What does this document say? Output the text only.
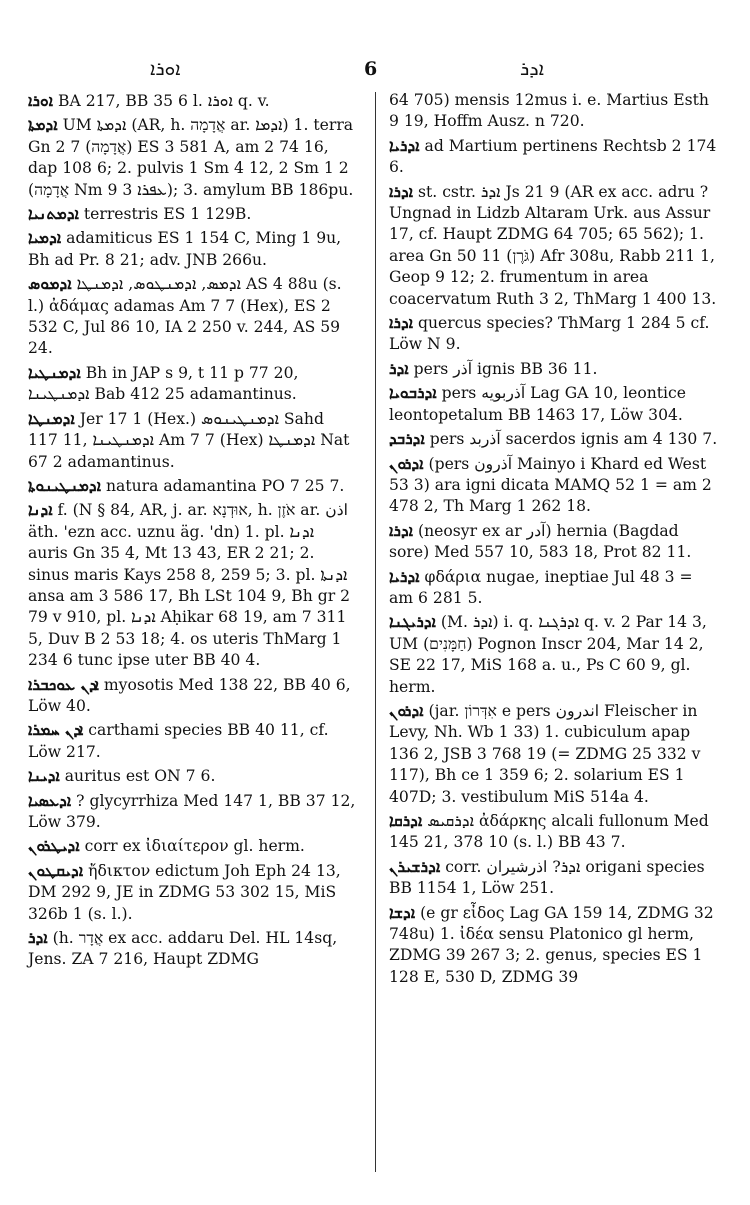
ܐܘܪܐ	6	ܐܕܪ

ܐܘܪܐ BA 217, BB 35 6 l. ܐܘܪܐ q. v.

ܐܕܡܬܐ UM ܐܕܡܬܐ (AR, h. אֲדָמָה ar. ܐܕܡܐ) 1. terra Gn 2 7 (אֲדָמָה) ES 3 581 A, am 2 74 16, dap 108 6; 2. pulvis 1 Sm 4 12, 2 Sm 1 2 (אֲדָמָה Nm 9 3 ܥܦܪܐ); 3. amylum BB 186pu.

ܐܕܡܬܢܝܐ terrestris ES 1 129B.

ܐܕܡܝܐ adamiticus ES 1 154 C, Ming 1 9u, Bh ad Pr. 8 21; adv. JNB 266u.

ܐܕܡܘܣ ܐܕܡܣ, ܐܕܡܢܛܘܣ, ܐܕܡܢܛܐ AS 4 88u (s. l.) ἀδάμας adamas Am 7 7 (Hex), ES 2 532 C, Jul 86 10, IA 2 250 v. 244, AS 59 24.

ܐܕܡܢܛܝܐ Bh in JAP s 9, t 11 p 77 20, ܐܕܡܢܛܝܢܐ Bab 412 25 adamantinus.

ܐܕܡܢܛܐ Jer 17 1 (Hex.) ܐܕܡܢܛܝܢܘܣ Sahd 117 11, ܐܕܡܢܛܝܢܐ Am 7 7 (Hex) ܐܕܡܢܛܐ Nat 67 2 adamantinus.

ܐܕܡܢܛܝܢܘܬܐ natura adamantina PO 7 25 7.

ܐܕܢܐ f. (N § 84, AR, j. ar. אוּדְנָא, h. אֹזֶן ar. اذن äth. 'ezn acc. uznu äg. 'dn) 1. pl. ܐܕܢܐ auris Gn 35 4, Mt 13 43, ER 2 21; 2. sinus maris Kays 258 8, 259 5; 3. pl. ܐܕܢܬܐ ansa am 3 586 17, Bh LSt 104 9, Bh gr 2 79 v 910, pl. ܐܕܢܐ Aḥikar 68 19, am 7 311 5, Duv B 2 53 18; 4. os uteris ThMarg 1 234 6 tunc ipse uter BB 40 4.

ܐܕܢ ܥܘܟܒܪܐ myosotis Med 138 22, BB 40 6, Löw 40.

ܐܕܢ ܚܡܪܐ carthami species BB 40 11, cf. Löw 217.

ܐܕܝܢܐ auritus est ON 7 6.

ܐܕܥܣܝܐ ? glycyrrhiza Med 147 1, BB 37 12, Löw 379.

ܐܕܝܛܪܘܢ corr ex ἰδιαίτερον gl. herm.

ܐܕܝܩܛܘܢ ἤδικτον edictum Joh Eph 24 13, DM 292 9, JE in ZDMG 53 302 15, MiS 326b 1 (s. l.).

ܐܕܪ (h. אֲדָר ex acc. addaru Del. HL 14sq, Jens. ZA 7 216, Haupt ZDMG

64 705) mensis 12mus i. e. Martius Esth 9 19, Hoffm Ausz. n 720.

ܐܕܪܝܐ ad Martium pertinens Rechtsb 2 174 6.

ܐܕܪܐ st. cstr. ܐܕܪ Js 21 9 (AR ex acc. adru ? Ungnad in Lidzb Altaram Urk. aus Assur 17, cf. Haupt ZDMG 64 705; 65 562); 1. area Gn 50 11 (גֹּרֶן) Afr 308u, Rabb 211 1, Geop 9 12; 2. frumentum in area coacervatum Ruth 3 2, ThMarg 1 400 13.

ܐܕܪܐ quercus species? ThMarg 1 284 5 cf. Löw N 9.

ܐܕܪ pers آذر ignis BB 36 11.

ܐܕܪܒܘܝܐ pers آذربويه Lag GA 10, leontice leontopetalum BB 1463 17, Löw 304.

ܐܕܪܒܕ pers آذربد sacerdos ignis am 4 130 7.

ܐܕܪܘܢ (pers آذرون Mainyo i Khard ed West 53 3) ara igni dicata MAMQ 52 1 = am 2 478 2, Th Marg 1 262 18.

ܐܕܪܐ (neosyr ex ar آدر) hernia (Bagdad sore) Med 557 10, 583 18, Prot 82 11.

ܐܕܪܝܐ φδάρια nugae, ineptiae Jul 48 3 = am 6 281 5.

ܐܕܪܝܓܢܐ (M. ܐܕܪ) i. q. ܐܕܪܓܢܐ q. v. 2 Par 14 3, UM (חַמָּנִים) Pognon Inscr 204, Mar 14 2, SE 22 17, MiS 168 a. u., Ps C 60 9, gl. herm.

ܐܕܪܘܢ (jar. אִדְּרוֹן e pers اندرون Fleischer in Levy, Nh. Wb 1 33) 1. cubiculum apap 136 2, JSB 3 768 19 (= ZDMG 25 332 v 117), Bh ce 1 359 6; 2. solarium ES 1 407D; 3. vestibulum MiS 514a 4.

ܐܕܪܩܐ ܐܕܪܩܝܣ ἀδάρκης alcali fullonum Med 145 21, 378 10 (s. l.) BB 43 7.

ܐܕܪܫܝܪܢ corr. ܐܕܪ? اذرشيران origani species BB 1154 1, Löw 251.

ܐܕܫܐ (e gr εἶδος Lag GA 159 14, ZDMG 32 748u) 1. ἰδέα sensu Platonico gl herm, ZDMG 39 267 3; 2. genus, species ES 1 128 E, 530 D, ZDMG 39
